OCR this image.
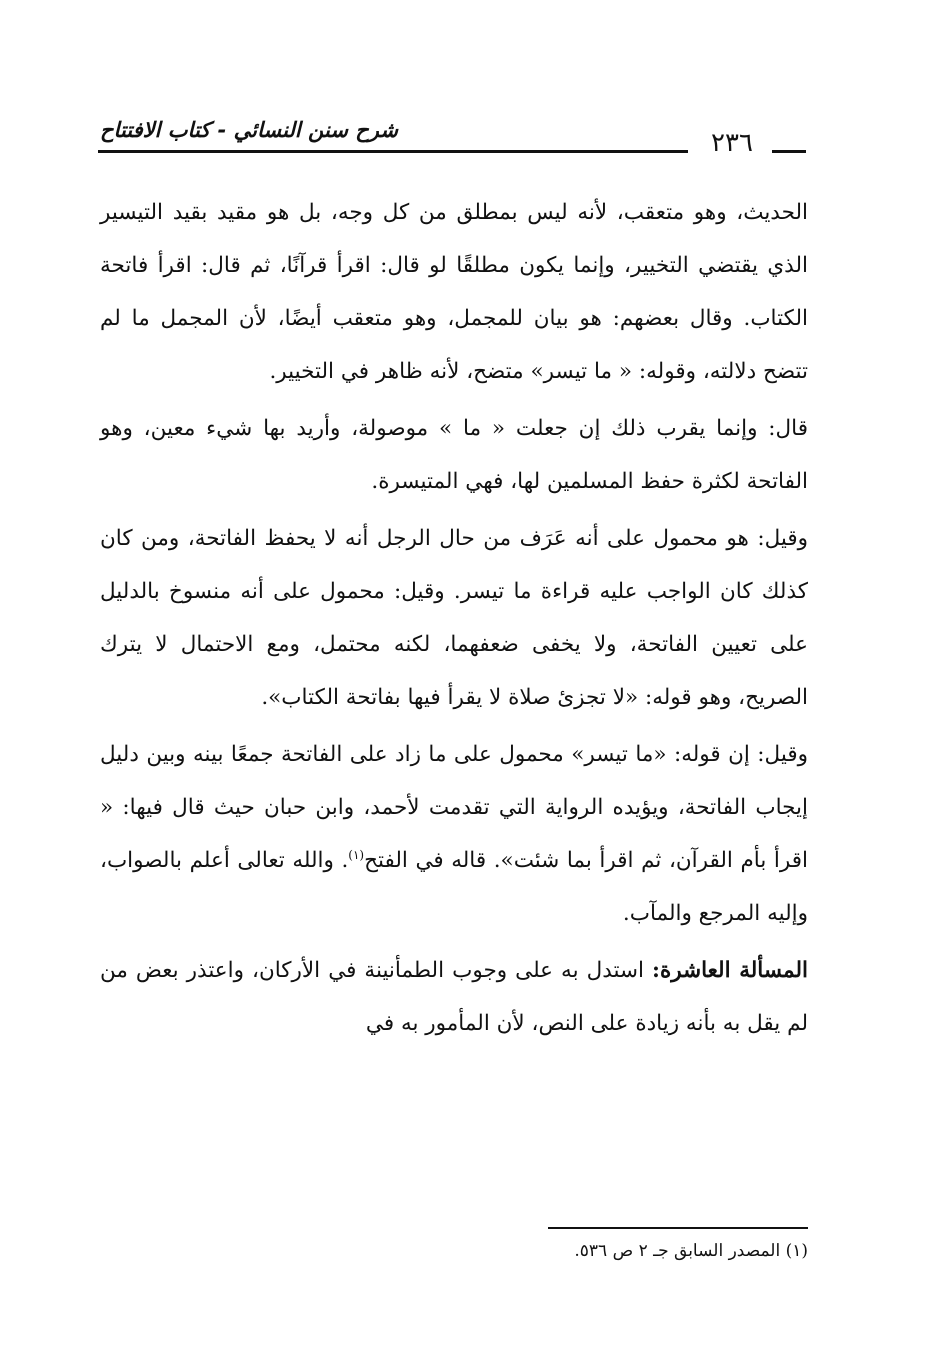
شرح سنن النسائي - كتاب الافتتاح	٢٣٦

الحديث، وهو متعقب، لأنه ليس بمطلق من كل وجه، بل هو مقيد بقيد التيسير الذي يقتضي التخيير، وإنما يكون مطلقًا لو قال: اقرأ قرآنًا، ثم قال: اقرأ فاتحة الكتاب. وقال بعضهم: هو بيان للمجمل، وهو متعقب أيضًا، لأن المجمل ما لم تتضح دلالته، وقوله: « ما تيسر» متضح، لأنه ظاهر في التخيير.

قال: وإنما يقرب ذلك إن جعلت « ما » موصولة، وأريد بها شيء معين، وهو الفاتحة لكثرة حفظ المسلمين لها، فهي المتيسرة.

وقيل: هو محمول على أنه عَرَف من حال الرجل أنه لا يحفظ الفاتحة، ومن كان كذلك كان الواجب عليه قراءة ما تيسر. وقيل: محمول على أنه منسوخ بالدليل على تعيين الفاتحة، ولا يخفى ضعفهما، لكنه محتمل، ومع الاحتمال لا يترك الصريح، وهو قوله: «لا تجزئ صلاة لا يقرأ فيها بفاتحة الكتاب».

وقيل: إن قوله: «ما تيسر» محمول على ما زاد على الفاتحة جمعًا بينه وبين دليل إيجاب الفاتحة، ويؤيده الرواية التي تقدمت لأحمد، وابن حبان حيث قال فيها: « اقرأ بأم القرآن، ثم اقرأ بما شئت». قاله في الفتح$^{(١)}$. والله تعالى أعلم بالصواب، وإليه المرجع والمآب.

المسألة العاشرة: استدل به على وجوب الطمأنينة في الأركان، واعتذر بعض من لم يقل به بأنه زيادة على النص، لأن المأمور به في

(١) المصدر السابق جـ ٢ ص ٥٣٦.
